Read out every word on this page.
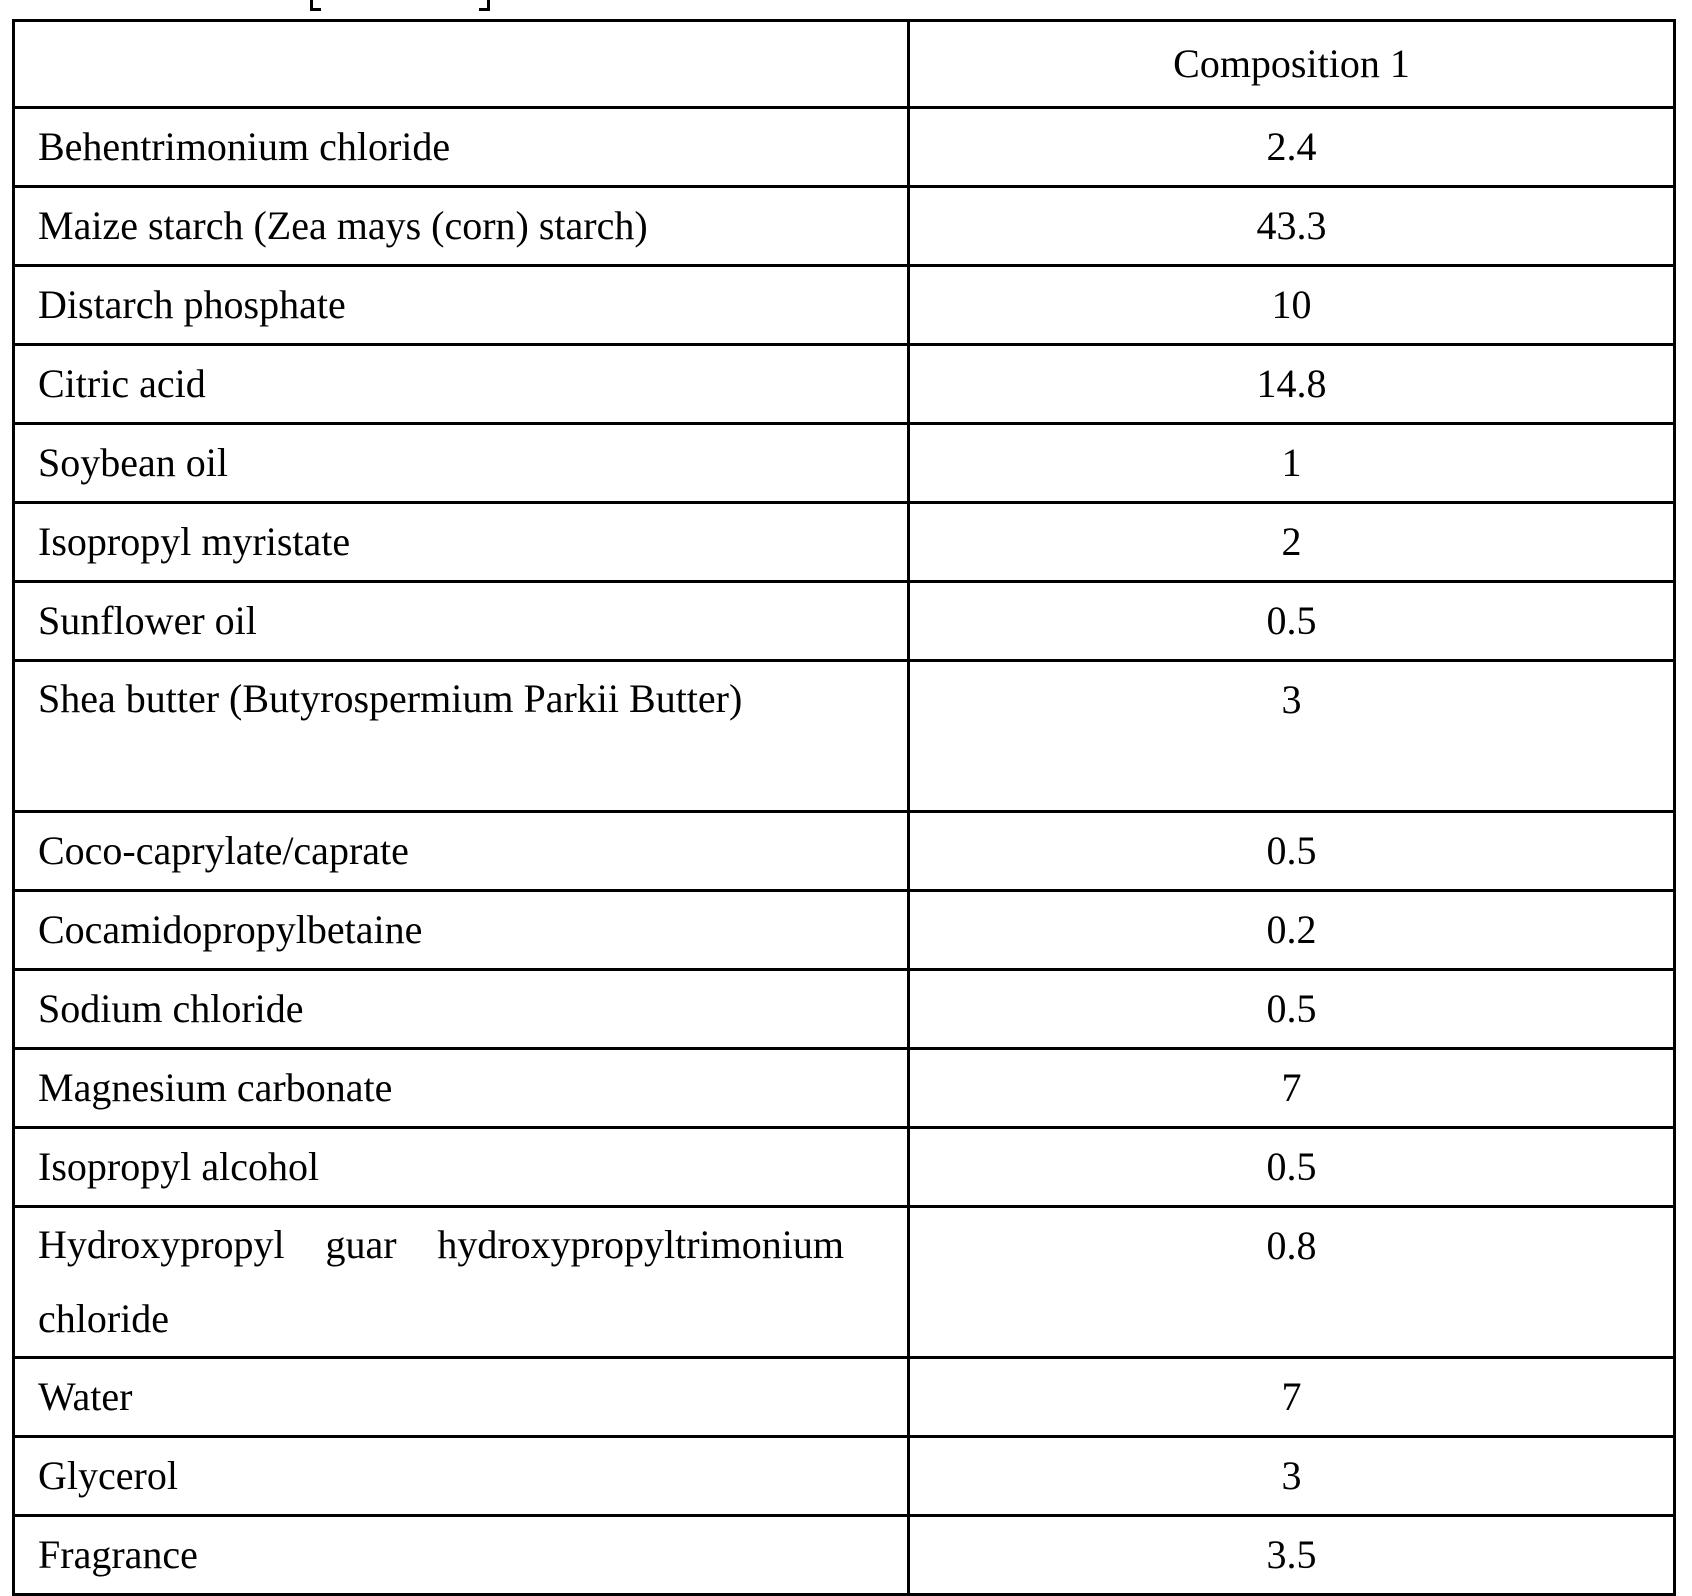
	Composition 1
Behentrimonium chloride	2.4
Maize starch (Zea mays (corn) starch)	43.3
Distarch phosphate	10
Citric acid	14.8
Soybean oil	1
Isopropyl myristate	2
Sunflower oil	0.5
Shea butter (Butyrospermium Parkii Butter)	3
Coco-caprylate/caprate	0.5
Cocamidopropylbetaine	0.2
Sodium chloride	0.5
Magnesium carbonate	7
Isopropyl alcohol	0.5
Hydroxypropyl guar hydroxypropyltrimonium chloride	0.8
Water	7
Glycerol	3
Fragrance	3.5
